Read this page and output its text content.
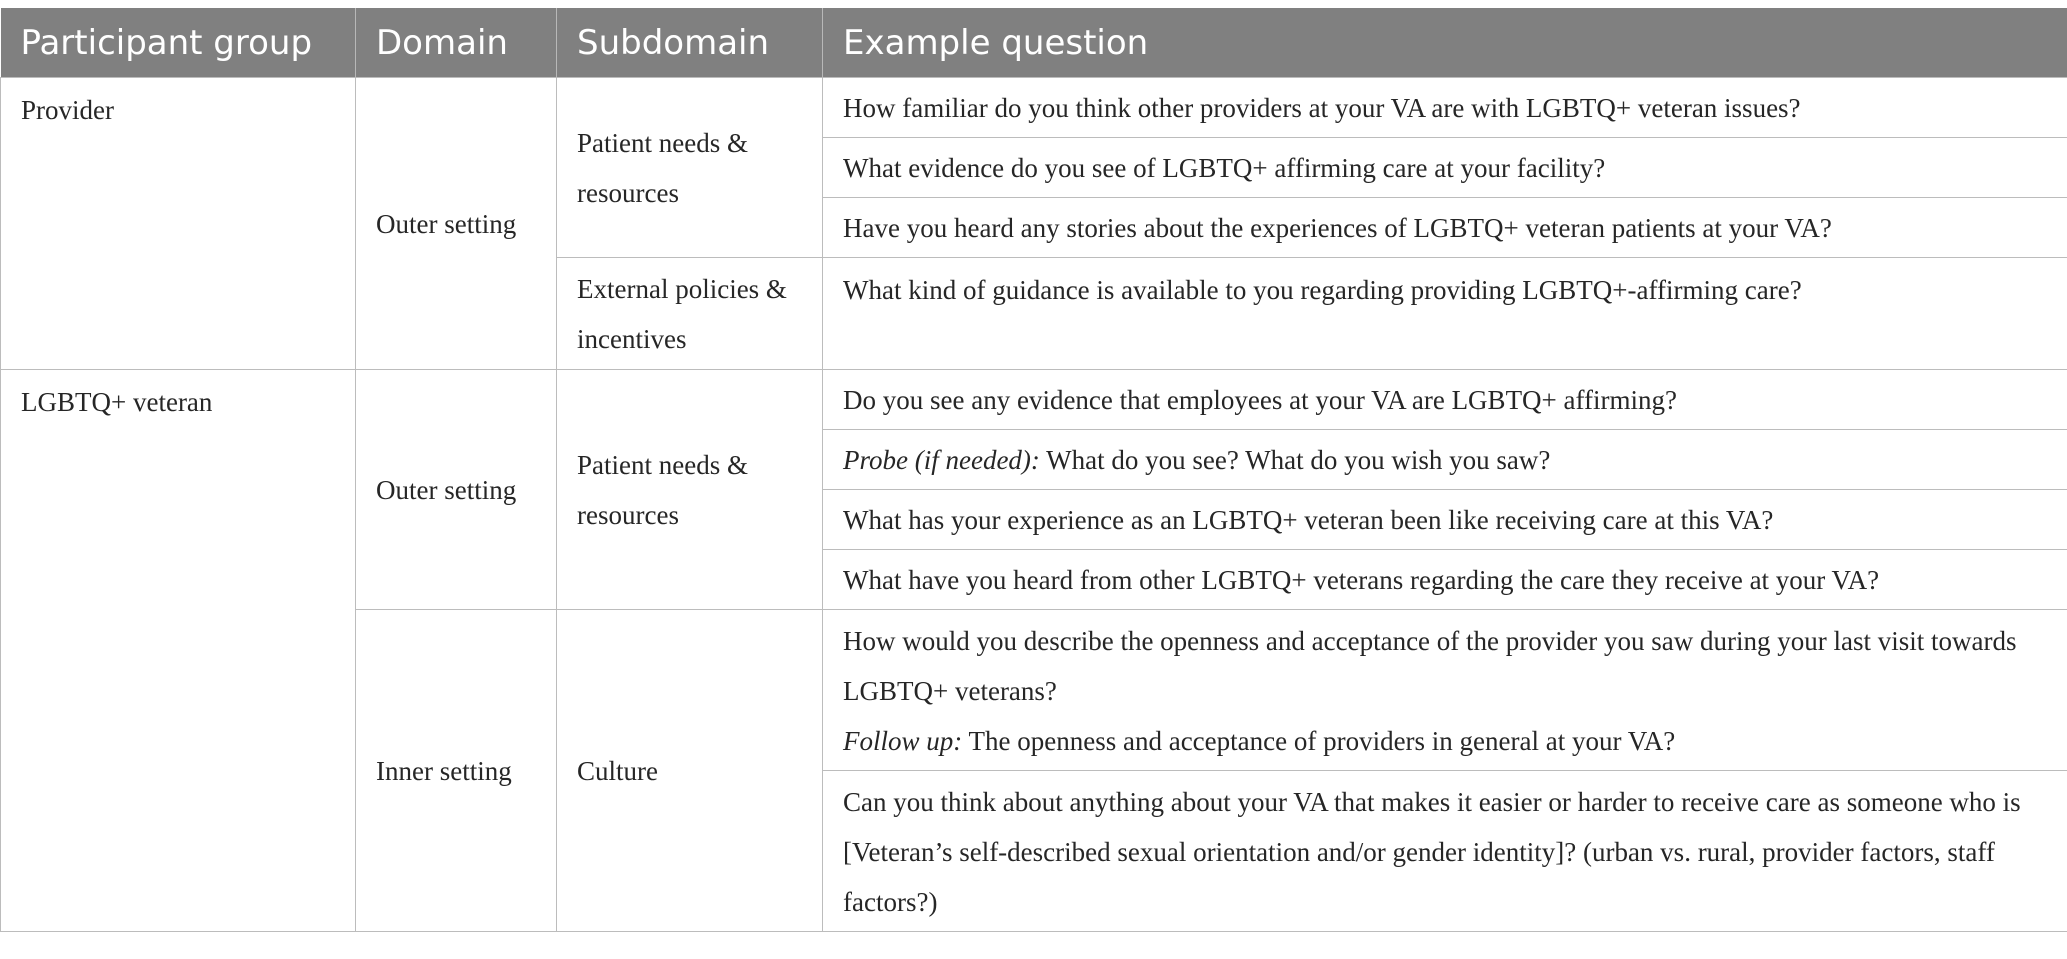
Participant group	Domain	Subdomain	Example question
Provider	Outer setting	Patient needs & resources	How familiar do you think other providers at your VA are with LGBTQ+ veteran issues?
			What evidence do you see of LGBTQ+ affirming care at your facility?
			Have you heard any stories about the experiences of LGBTQ+ veteran patients at your VA?
		External policies & incentives	What kind of guidance is available to you regarding providing LGBTQ+-affirming care?
LGBTQ+ veteran	Outer setting	Patient needs & resources	Do you see any evidence that employees at your VA are LGBTQ+ affirming?
			Probe (if needed): What do you see? What do you wish you saw?
			What has your experience as an LGBTQ+ veteran been like receiving care at this VA?
			What have you heard from other LGBTQ+ veterans regarding the care they receive at your VA?
	Inner setting	Culture	How would you describe the openness and acceptance of the provider you saw during your last visit towards LGBTQ+ veterans?
Follow up: The openness and acceptance of providers in general at your VA?

			Can you think about anything about your VA that makes it easier or harder to receive care as someone who is [Veteran’s self-described sexual orientation and/or gender identity]? (urban vs. rural, provider factors, staff factors?)
